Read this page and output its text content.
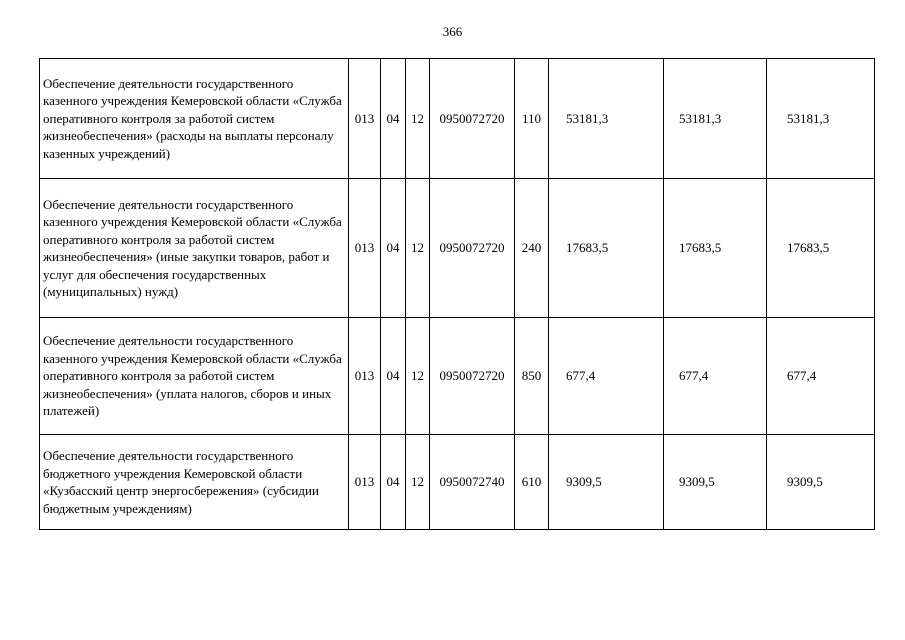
366
Обеспечение деятельности государственного казенного учреждения Кемеровской области «Служба оперативного контроля за работой систем жизнеобеспечения» (расходы на выплаты персоналу казенных учреждений)	013	04	12	0950072720	110	53181,3	53181,3	53181,3
Обеспечение деятельности государственного казенного учреждения Кемеровской области «Служба оперативного контроля за работой систем жизнеобеспечения» (иные закупки товаров, работ и услуг для обеспечения государственных (муниципальных) нужд)	013	04	12	0950072720	240	17683,5	17683,5	17683,5
Обеспечение деятельности государственного казенного учреждения Кемеровской области «Служба оперативного контроля за работой систем жизнеобеспечения» (уплата налогов, сборов и иных платежей)	013	04	12	0950072720	850	677,4	677,4	677,4
Обеспечение деятельности государственного бюджетного учреждения Кемеровской области «Кузбасский центр энергосбережения» (субсидии бюджетным учреждениям)	013	04	12	0950072740	610	9309,5	9309,5	9309,5
